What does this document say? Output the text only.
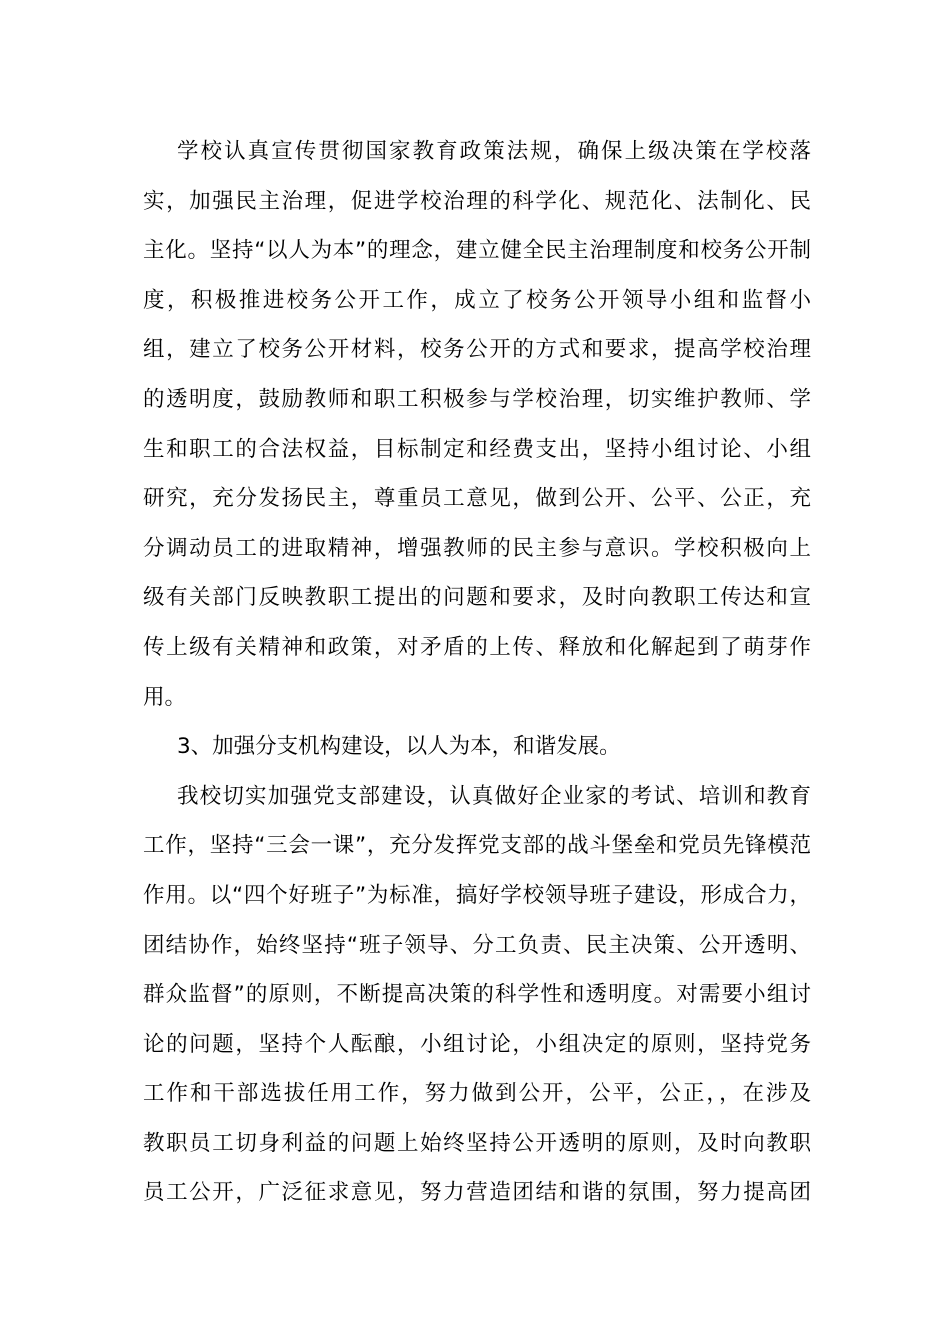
学校认真宣传贯彻国家教育政策法规，确保上级决策在学校落
实，加强民主治理，促进学校治理的科学化、规范化、法制化、民
主化。坚持“以人为本”的理念，建立健全民主治理制度和校务公开制
度，积极推进校务公开工作，成立了校务公开领导小组和监督小
组，建立了校务公开材料，校务公开的方式和要求，提高学校治理
的透明度，鼓励教师和职工积极参与学校治理，切实维护教师、学
生和职工的合法权益，目标制定和经费支出，坚持小组讨论、小组
研究，充分发扬民主，尊重员工意见，做到公开、公平、公正，充
分调动员工的进取精神，增强教师的民主参与意识。学校积极向上
级有关部门反映教职工提出的问题和要求，及时向教职工传达和宣
传上级有关精神和政策，对矛盾的上传、释放和化解起到了萌芽作
用。
3、加强分支机构建设，以人为本，和谐发展。
我校切实加强党支部建设，认真做好企业家的考试、培训和教育
工作，坚持“三会一课”，充分发挥党支部的战斗堡垒和党员先锋模范
作用。以“四个好班子”为标准，搞好学校领导班子建设，形成合力，
团结协作，始终坚持“班子领导、分工负责、民主决策、公开透明、
群众监督”的原则，不断提高决策的科学性和透明度。对需要小组讨
论的问题，坚持个人酝酿，小组讨论，小组决定的原则，坚持党务
工作和干部选拔任用工作，努力做到公开，公平，公正，，在涉及
教职员工切身利益的问题上始终坚持公开透明的原则，及时向教职
员工公开，广泛征求意见，努力营造团结和谐的氛围，努力提高团
